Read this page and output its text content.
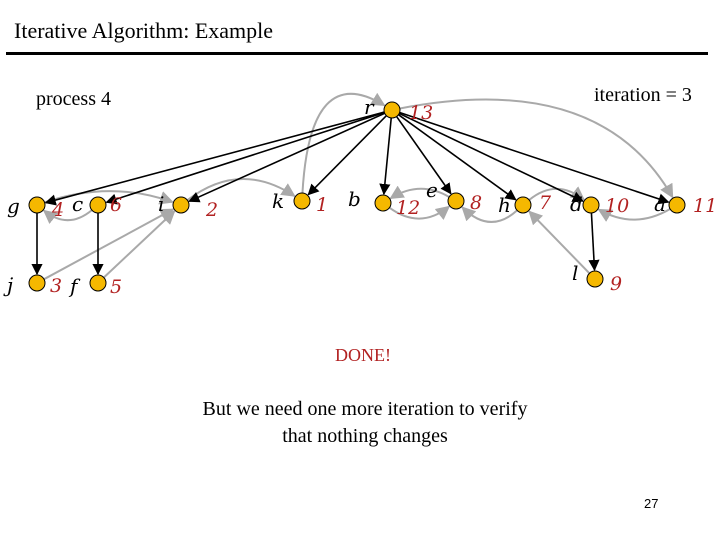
Iterative Algorithm: Example
process 4	iteration = 3
r 13
g 4 c 6 i 2	k 1 b 12
e
8 h 7 d 10 a 11
j 3 f 5
l 9
DONE!
But we need one more iteration to verify
that nothing changes
27
